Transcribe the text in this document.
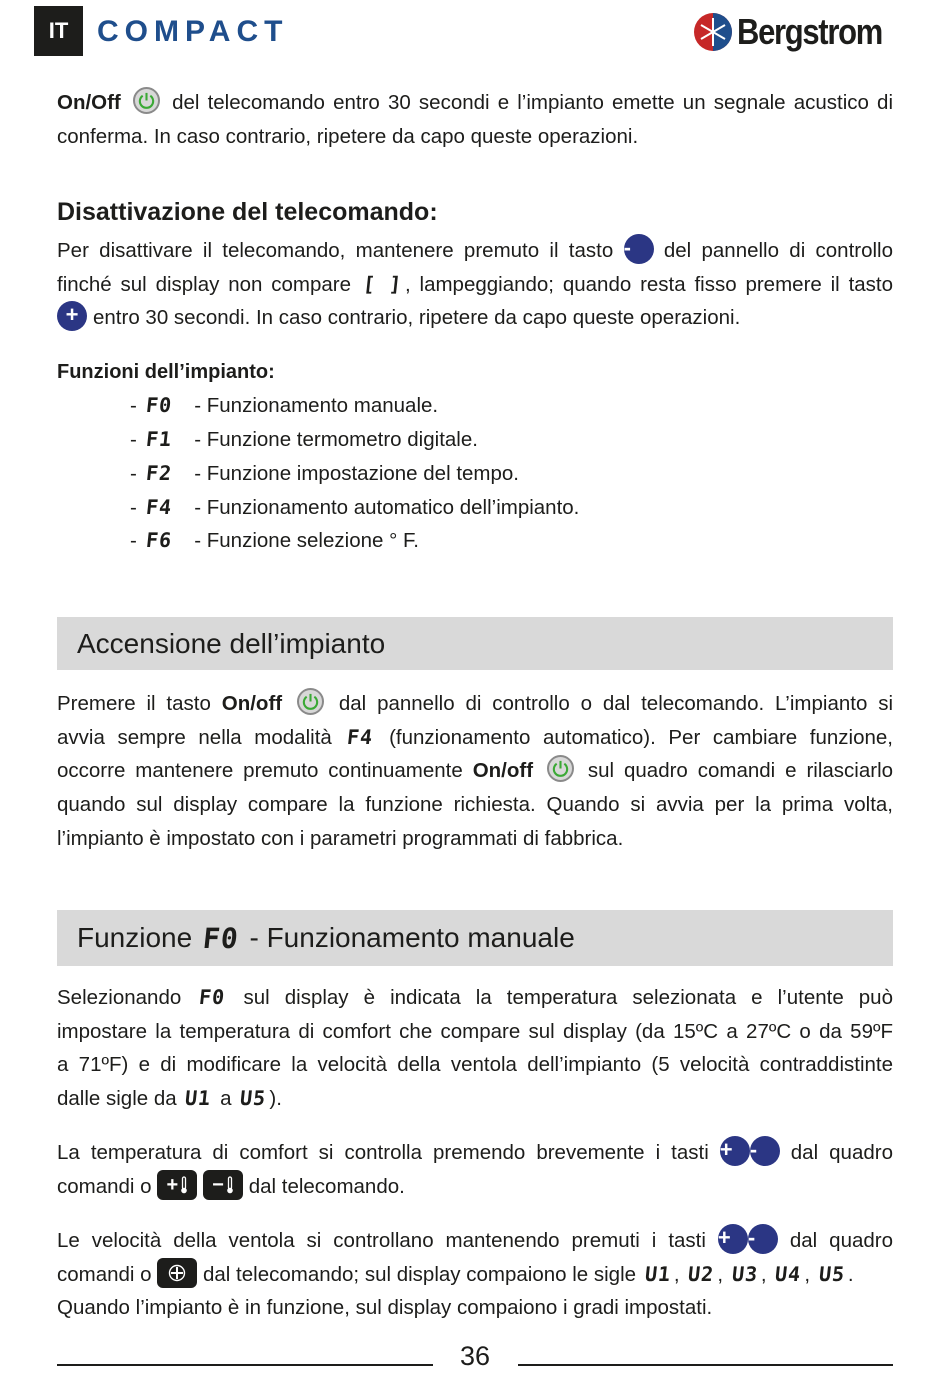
IT COMPACT	Bergstrom
On/Off	del telecomando entro 30 secondi e l’impianto emette un segnale acustico di
conferma. In caso contrario, ripetere da capo queste operazioni.
Disattivazione del telecomando:
Per disattivare il telecomando, mantenere premuto il tasto - del pannello di controllo
finché sul display non compare [ ], lampeggiando; quando resta fisso premere il tasto
+ entro 30 secondi. In caso contrario, ripetere da capo queste operazioni.
Funzioni dell’impianto:
- F0 - Funzionamento manuale.
- F1 - Funzione termometro digitale.
- F2 - Funzione impostazione del tempo.
- F4 - Funzionamento automatico dell’impianto.
- F6 - Funzione selezione ° F.
Accensione dell’impianto
Premere il tasto On/off	dal pannello di controllo o dal telecomando. L’impianto si
avvia sempre nella modalità F4 (funzionamento automatico). Per cambiare funzione,
occorre mantenere premuto continuamente On/off	sul quadro comandi e rilasciarlo
quando sul display compare la funzione richiesta. Quando si avvia per la prima volta,
l’impianto è impostato con i parametri programmati di fabbrica.
Funzione
F0
- Funzionamento manuale
Selezionando F0 sul display è indicata la temperatura selezionata e l’utente può
impostare la temperatura di comfort che compare sul display (da 15ºC a 27ºC o da 59ºF
a 71ºF) e di modificare la velocità della ventola dell’impianto (5 velocità contraddistinte
dalle sigle da U1 a U5).
La temperatura di comfort si controlla premendo brevemente i tasti + - dal quadro
comandi o + − dal telecomando.
Le velocità della ventola si controllano mantenendo premuti i tasti + - dal quadro
comandi o	dal telecomando; sul display compaiono le sigle U1, U2, U3, U4, U5.
Quando l’impianto è in funzione, sul display compaiono i gradi impostati.
36
